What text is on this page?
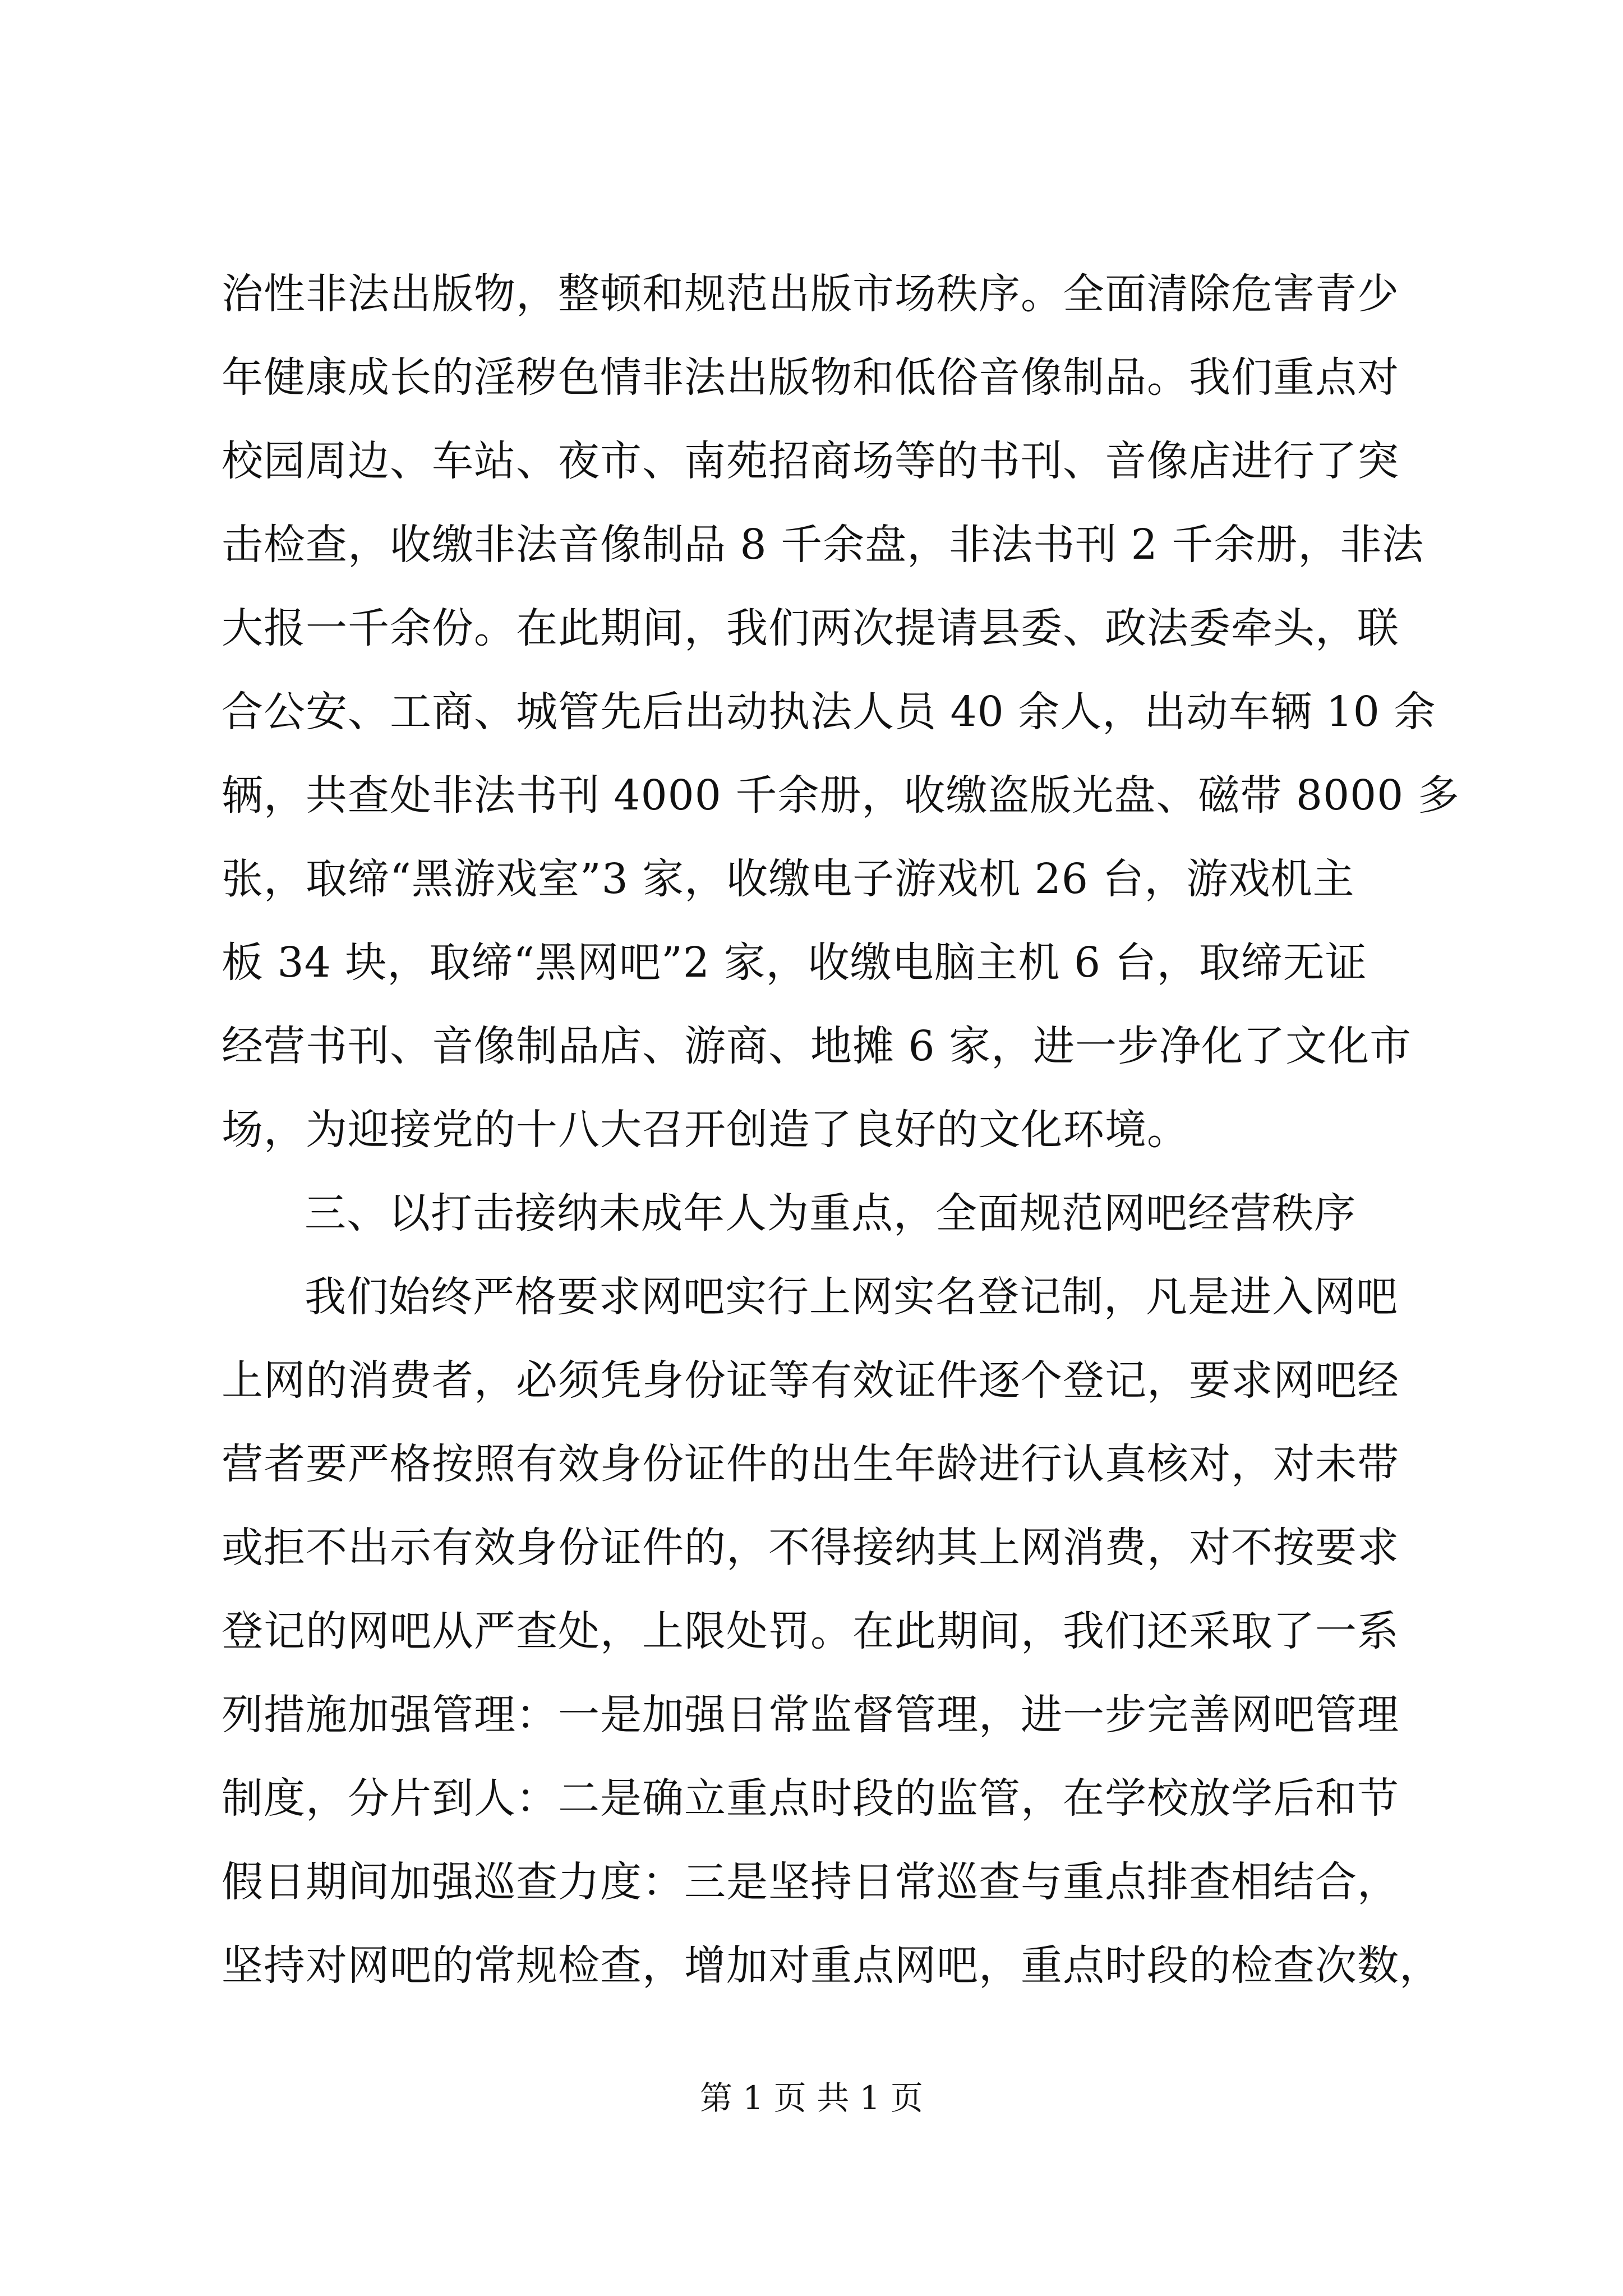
治性非法出版物，整顿和规范出版市场秩序。全面清除危害青少
年健康成长的淫秽色情非法出版物和低俗音像制品。我们重点对
校园周边、车站、夜市、南苑招商场等的书刊、音像店进行了突
击检查，收缴非法音像制品 8 千余盘，非法书刊 2 千余册，非法
大报一千余份。在此期间，我们两次提请县委、政法委牵头，联
合公安、工商、城管先后出动执法人员 40 余人，出动车辆 10 余
辆，共查处非法书刊 4000 千余册，收缴盗版光盘、磁带 8000 多
张，取缔“黑游戏室”3 家，收缴电子游戏机 26 台，游戏机主
板 34 块，取缔“黑网吧”2 家，收缴电脑主机 6 台，取缔无证
经营书刊、音像制品店、游商、地摊 6 家，进一步净化了文化市
场，为迎接党的十八大召开创造了良好的文化环境。
三、以打击接纳未成年人为重点，全面规范网吧经营秩序
我们始终严格要求网吧实行上网实名登记制，凡是进入网吧
上网的消费者，必须凭身份证等有效证件逐个登记，要求网吧经
营者要严格按照有效身份证件的出生年龄进行认真核对，对未带
或拒不出示有效身份证件的，不得接纳其上网消费，对不按要求
登记的网吧从严查处，上限处罚。在此期间，我们还采取了一系
列措施加强管理：一是加强日常监督管理，进一步完善网吧管理
制度，分片到人：二是确立重点时段的监管，在学校放学后和节
假日期间加强巡查力度：三是坚持日常巡查与重点排查相结合，
坚持对网吧的常规检查，增加对重点网吧，重点时段的检查次数，
第 1 页 共 1 页
